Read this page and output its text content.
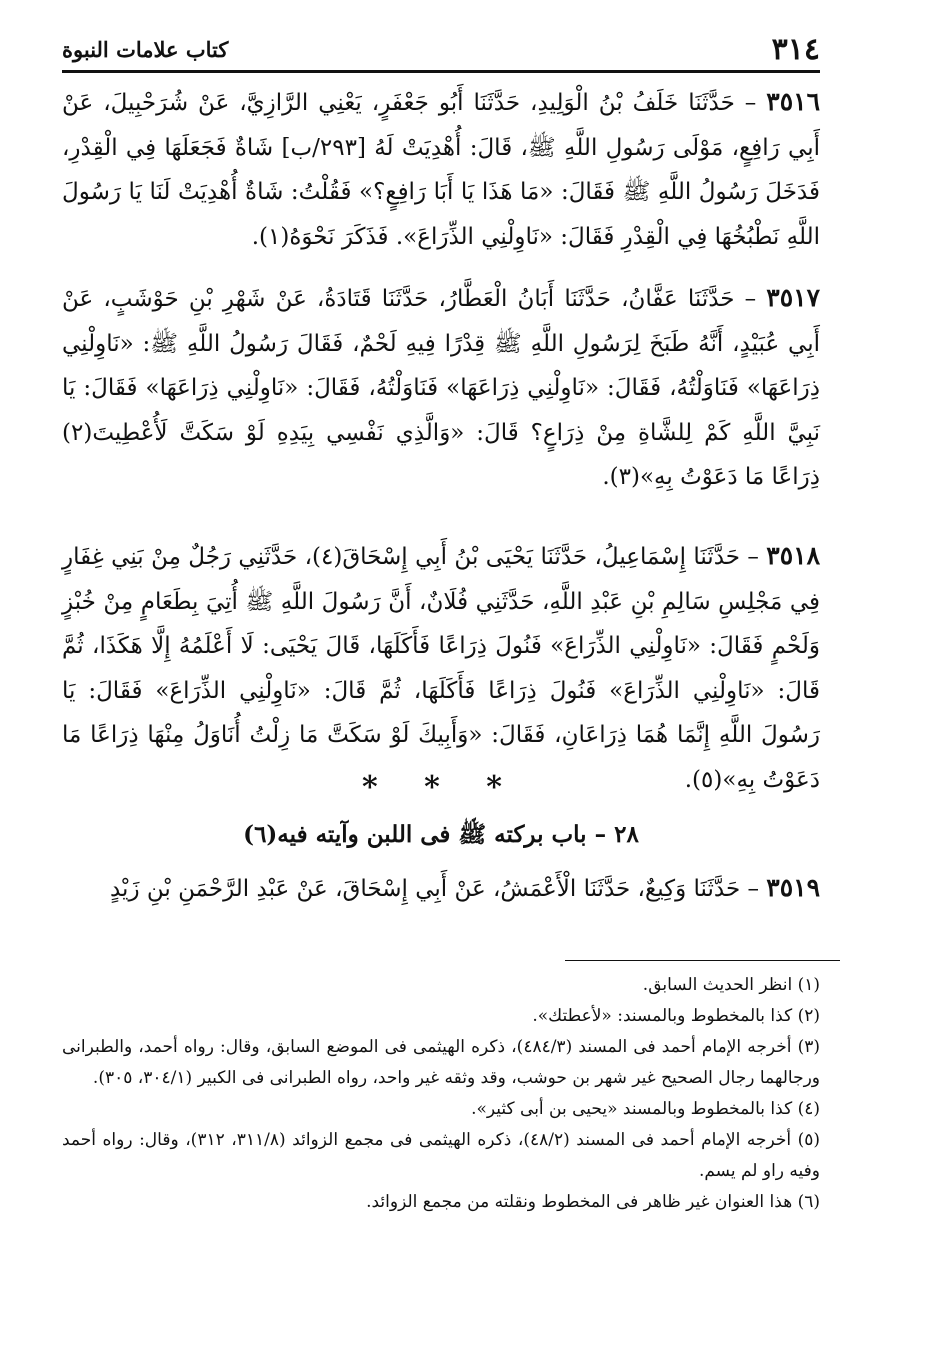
٣١٤
كتاب علامات النبوة

٣٥١٦ – حَدَّثَنَا خَلَفُ بْنُ الْوَلِيدِ، حَدَّثَنَا أَبُو جَعْفَرٍ، يَعْنِي الرَّازِيَّ، عَنْ شُرَحْبِيلَ، عَنْ أَبِي رَافِعٍ، مَوْلَى رَسُولِ اللَّهِ ﷺ، قَالَ: أُهْدِيَتْ لَهُ [٢٩٣/ب] شَاةٌ فَجَعَلَهَا فِي الْقِدْرِ، فَدَخَلَ رَسُولُ اللَّهِ ﷺ فَقَالَ: «مَا هَذَا يَا أَبَا رَافِعٍ؟» فَقُلْتُ: شَاةٌ أُهْدِيَتْ لَنَا يَا رَسُولَ اللَّهِ نَطْبُخُهَا فِي الْقِدْرِ فَقَالَ: «نَاوِلْنِي الذِّرَاعَ». فَذَكَرَ نَحْوَهُ(١).

٣٥١٧ – حَدَّثَنَا عَفَّانُ، حَدَّثَنَا أَبَانُ الْعَطَّارُ، حَدَّثَنَا قَتَادَةُ، عَنْ شَهْرِ بْنِ حَوْشَبٍ، عَنْ أَبِي عُبَيْدٍ، أَنَّهُ طَبَخَ لِرَسُولِ اللَّهِ ﷺ قِدْرًا فِيهِ لَحْمٌ، فَقَالَ رَسُولُ اللَّهِ ﷺ: «نَاوِلْنِي ذِرَاعَهَا» فَنَاوَلْتُهُ، فَقَالَ: «نَاوِلْنِي ذِرَاعَهَا» فَنَاوَلْتُهُ، فَقَالَ: «نَاوِلْنِي ذِرَاعَهَا» فَقَالَ: يَا نَبِيَّ اللَّهِ كَمْ لِلشَّاةِ مِنْ ذِرَاعٍ؟ قَالَ: «وَالَّذِي نَفْسِي بِيَدِهِ لَوْ سَكَتَّ لَأُعْطِيتَ(٢) ذِرَاعًا مَا دَعَوْتُ بِهِ»(٣).

٣٥١٨ – حَدَّثَنَا إِسْمَاعِيلُ، حَدَّثَنَا يَحْيَى بْنُ أَبِي إِسْحَاقَ(٤)، حَدَّثَنِي رَجُلٌ مِنْ بَنِي غِفَارٍ فِي مَجْلِسِ سَالِمِ بْنِ عَبْدِ اللَّهِ، حَدَّثَنِي فُلَانٌ، أَنَّ رَسُولَ اللَّهِ ﷺ أُتِيَ بِطَعَامٍ مِنْ خُبْزٍ وَلَحْمٍ فَقَالَ: «نَاوِلْنِي الذِّرَاعَ» فَنُولَ ذِرَاعًا فَأَكَلَهَا، قَالَ يَحْيَى: لَا أَعْلَمُهُ إِلَّا هَكَذَا، ثُمَّ قَالَ: «نَاوِلْنِي الذِّرَاعَ» فَنُولَ ذِرَاعًا فَأَكَلَهَا، ثُمَّ قَالَ: «نَاوِلْنِي الذِّرَاعَ» فَقَالَ: يَا رَسُولَ اللَّهِ إِنَّمَا هُمَا ذِرَاعَانِ، فَقَالَ: «وَأَبِيكَ لَوْ سَكَتَّ مَا زِلْتُ أُنَاوَلُ مِنْهَا ذِرَاعًا مَا دَعَوْتُ بِهِ»(٥).

* * *
٢٨ – باب بركته ﷺ فى اللبن وآيته فيه(٦)

٣٥١٩ – حَدَّثَنَا وَكِيعٌ، حَدَّثَنَا الْأَعْمَشُ، عَنْ أَبِي إِسْحَاقَ، عَنْ عَبْدِ الرَّحْمَنِ بْنِ زَيْدٍ

(١) انظر الحديث السابق.

(٢) كذا بالمخطوط وبالمسند: «لأعطتك».

(٣) أخرجه الإمام أحمد فى المسند (٤٨٤/٣)، ذكره الهيثمى فى الموضع السابق، وقال: رواه أحمد، والطبرانى ورجالهما رجال الصحيح غير شهر بن حوشب، وقد وثقه غير واحد، رواه الطبرانى فى الكبير (٣٠٤/١، ٣٠٥).

(٤) كذا بالمخطوط وبالمسند «يحيى بن أبى كثير».

(٥) أخرجه الإمام أحمد فى المسند (٤٨/٢)، ذكره الهيثمى فى مجمع الزوائد (٣١١/٨، ٣١٢)، وقال: رواه أحمد وفيه راو لم يسم.

(٦) هذا العنوان غير ظاهر فى المخطوط ونقلته من مجمع الزوائد.
